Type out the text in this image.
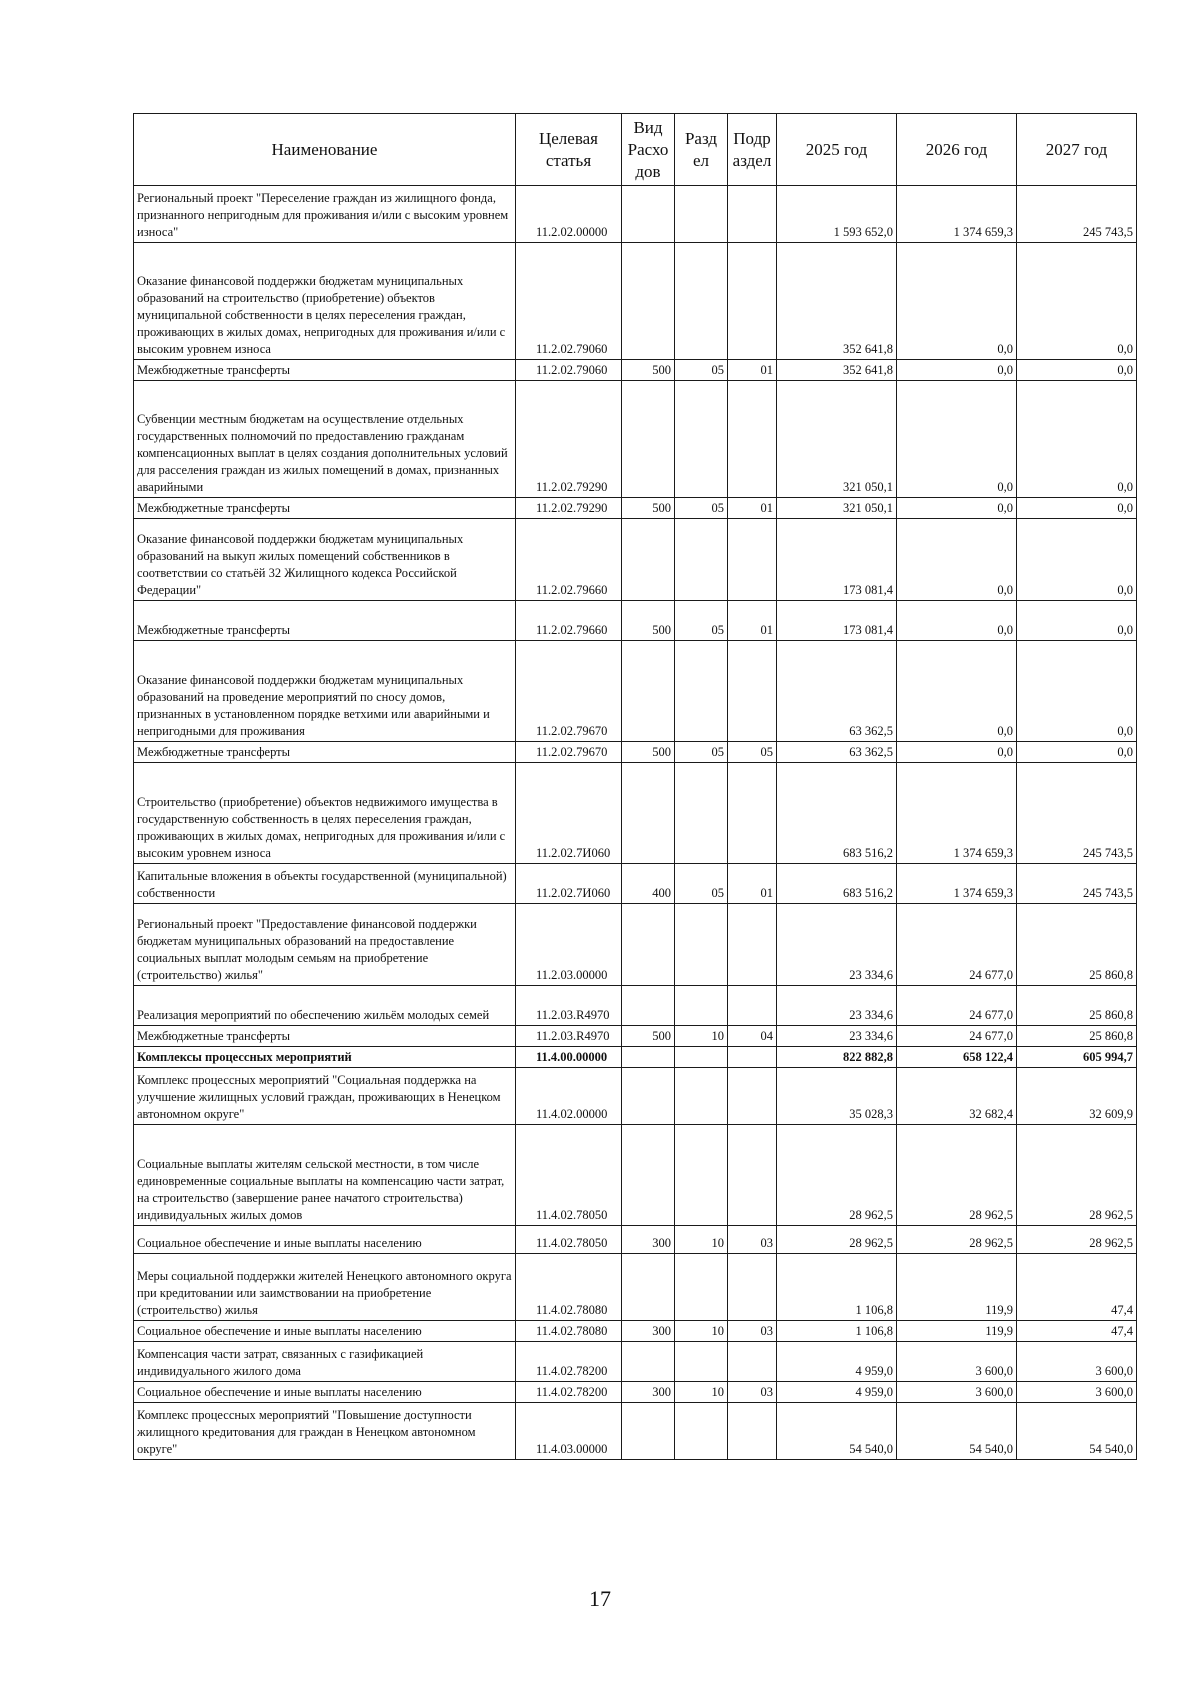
Наименование	Целевая статья	Вид Расхо дов	Разд ел	Подр аздел	2025 год	2026 год	2027 год
Региональный проект "Переселение граждан из жилищного фонда, признанного непригодным для проживания и/или с высоким уровнем износа"	11.2.02.00000				1 593 652,0	1 374 659,3	245 743,5
Оказание финансовой поддержки бюджетам муниципальных образований на строительство (приобретение) объектов муниципальной собственности в целях переселения граждан, проживающих в жилых домах, непригодных для проживания и/или с высоким уровнем износа	11.2.02.79060				352 641,8	0,0	0,0
Межбюджетные трансферты	11.2.02.79060	500	05	01	352 641,8	0,0	0,0
Субвенции местным бюджетам на осуществление отдельных государственных полномочий по предоставлению гражданам компенсационных выплат в целях создания дополнительных условий для расселения граждан из жилых помещений в домах, признанных аварийными	11.2.02.79290				321 050,1	0,0	0,0
Межбюджетные трансферты	11.2.02.79290	500	05	01	321 050,1	0,0	0,0
Оказание финансовой поддержки бюджетам муниципальных образований на выкуп жилых помещений собственников в соответствии со статьёй 32 Жилищного кодекса Российской Федерации"	11.2.02.79660				173 081,4	0,0	0,0
Межбюджетные трансферты	11.2.02.79660	500	05	01	173 081,4	0,0	0,0
Оказание финансовой поддержки бюджетам муниципальных образований на проведение мероприятий по сносу домов, признанных в установленном порядке ветхими или аварийными и непригодными для проживания	11.2.02.79670				63 362,5	0,0	0,0
Межбюджетные трансферты	11.2.02.79670	500	05	05	63 362,5	0,0	0,0
Строительство (приобретение) объектов недвижимого имущества в государственную собственность в целях переселения граждан, проживающих в жилых домах, непригодных для проживания и/или с высоким уровнем износа	11.2.02.7И060				683 516,2	1 374 659,3	245 743,5
Капитальные вложения в объекты государственной (муниципальной) собственности	11.2.02.7И060	400	05	01	683 516,2	1 374 659,3	245 743,5
Региональный проект "Предоставление финансовой поддержки бюджетам муниципальных образований на предоставление социальных выплат молодым семьям на приобретение (строительство) жилья"	11.2.03.00000				23 334,6	24 677,0	25 860,8
Реализация мероприятий по обеспечению жильём молодых семей	11.2.03.R4970				23 334,6	24 677,0	25 860,8
Межбюджетные трансферты	11.2.03.R4970	500	10	04	23 334,6	24 677,0	25 860,8
Комплексы процессных мероприятий	11.4.00.00000				822 882,8	658 122,4	605 994,7
Комплекс процессных мероприятий "Социальная поддержка на улучшение жилищных условий граждан, проживающих в Ненецком автономном округе"	11.4.02.00000				35 028,3	32 682,4	32 609,9
Социальные выплаты жителям сельской местности, в том числе единовременные социальные выплаты на компенсацию части затрат, на строительство (завершение ранее начатого строительства) индивидуальных жилых домов	11.4.02.78050				28 962,5	28 962,5	28 962,5
Социальное обеспечение и иные выплаты населению	11.4.02.78050	300	10	03	28 962,5	28 962,5	28 962,5
Меры социальной поддержки жителей Ненецкого автономного округа при кредитовании или заимствовании на приобретение (строительство) жилья	11.4.02.78080				1 106,8	119,9	47,4
Социальное обеспечение и иные выплаты населению	11.4.02.78080	300	10	03	1 106,8	119,9	47,4
Компенсация части затрат, связанных с газификацией индивидуального жилого дома	11.4.02.78200				4 959,0	3 600,0	3 600,0
Социальное обеспечение и иные выплаты населению	11.4.02.78200	300	10	03	4 959,0	3 600,0	3 600,0
Комплекс процессных мероприятий "Повышение доступности жилищного кредитования для граждан в Ненецком автономном округе"	11.4.03.00000				54 540,0	54 540,0	54 540,0
17
